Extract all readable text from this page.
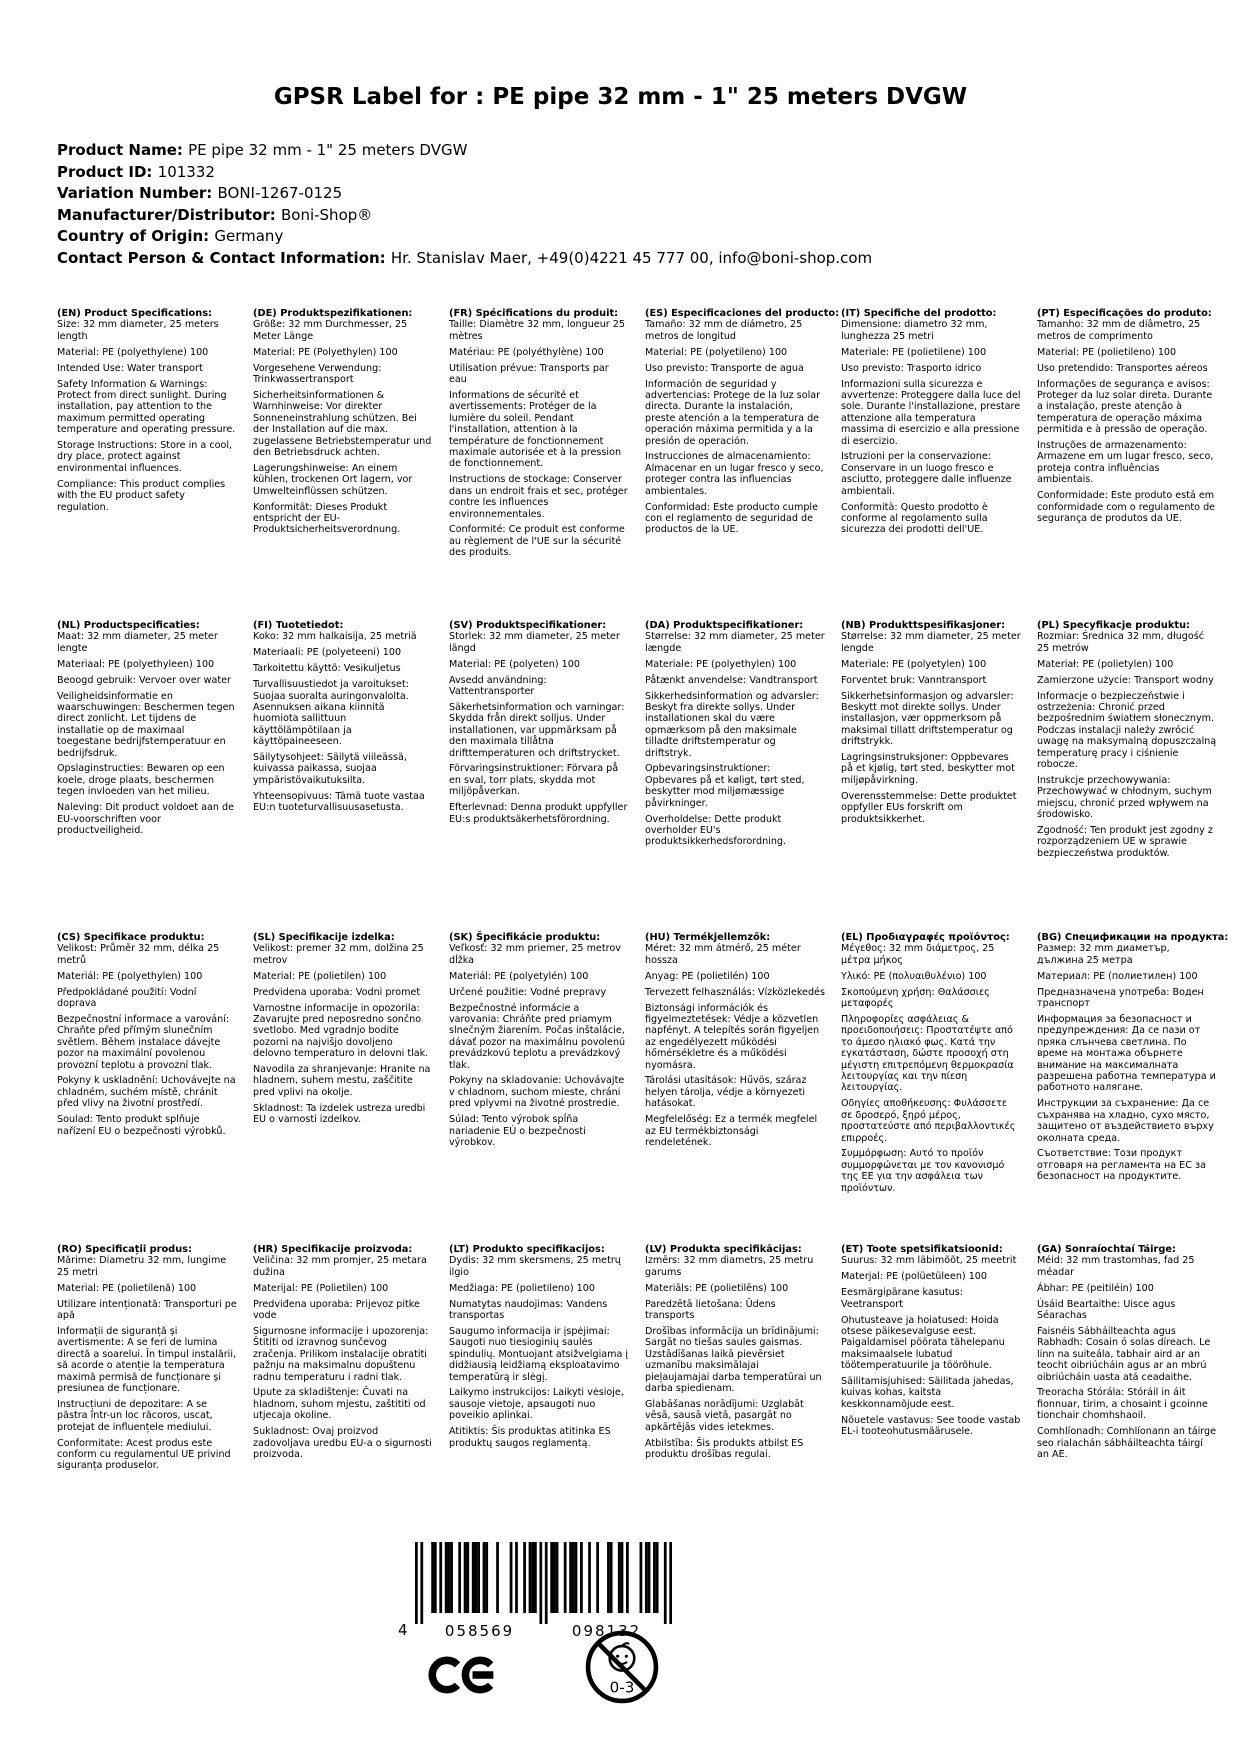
GPSR Label for : PE pipe 32 mm - 1" 25 meters DVGW
Product Name: PE pipe 32 mm - 1" 25 meters DVGW
Product ID: 101332
Variation Number: BONI-1267-0125
Manufacturer/Distributor: Boni-Shop®
Country of Origin: Germany
Contact Person & Contact Information: Hr. Stanislav Maer, +49(0)4221 45 777 00, info@boni-shop.com
(EN) Product Specifications:

Size: 32 mm diameter, 25 meters length

Material: PE (polyethylene) 100

Intended Use: Water transport

Safety Information & Warnings: Protect from direct sunlight. During installation, pay attention to the maximum permitted operating temperature and operating pressure.

Storage Instructions: Store in a cool, dry place, protect against environmental influences.

Compliance: This product complies with the EU product safety regulation.

(DE) Produktspezifikationen:

Größe: 32 mm Durchmesser, 25 Meter Länge

Material: PE (Polyethylen) 100

Vorgesehene Verwendung: Trinkwassertransport

Sicherheitsinformationen & Warnhinweise: Vor direkter Sonneneinstrahlung schützen. Bei der Installation auf die max. zugelassene Betriebstemperatur und den Betriebsdruck achten.

Lagerungshinweise: An einem kühlen, trockenen Ort lagern, vor Umwelteinflüssen schützen.

Konformität: Dieses Produkt entspricht der EU-Produktsicherheitsverordnung.

(FR) Spécifications du produit:

Taille: Diamètre 32 mm, longueur 25 mètres

Matériau: PE (polyéthylène) 100

Utilisation prévue: Transports par eau

Informations de sécurité et avertissements: Protéger de la lumière du soleil. Pendant l'installation, attention à la température de fonctionnement maximale autorisée et à la pression de fonctionnement.

Instructions de stockage: Conserver dans un endroit frais et sec, protéger contre les influences environnementales.

Conformité: Ce produit est conforme au règlement de l'UE sur la sécurité des produits.

(ES) Especificaciones del producto:

Tamaño: 32 mm de diámetro, 25 metros de longitud

Material: PE (polyetileno) 100

Uso previsto: Transporte de agua

Información de seguridad y advertencias: Protege de la luz solar directa. Durante la instalación, preste atención a la temperatura de operación máxima permitida y a la presión de operación.

Instrucciones de almacenamiento: Almacenar en un lugar fresco y seco, proteger contra las influencias ambientales.

Conformidad: Este producto cumple con el reglamento de seguridad de productos de la UE.

(IT) Specifiche del prodotto:

Dimensione: diametro 32 mm, lunghezza 25 metri

Materiale: PE (polietilene) 100

Uso previsto: Trasporto idrico

Informazioni sulla sicurezza e avvertenze: Proteggere dalla luce del sole. Durante l'installazione, prestare attenzione alla temperatura massima di esercizio e alla pressione di esercizio.

Istruzioni per la conservazione: Conservare in un luogo fresco e asciutto, proteggere dalle influenze ambientali.

Conformità: Questo prodotto è conforme al regolamento sulla sicurezza dei prodotti dell'UE.

(PT) Especificações do produto:

Tamanho: 32 mm de diâmetro, 25 metros de comprimento

Material: PE (polietileno) 100

Uso pretendido: Transportes aéreos

Informações de segurança e avisos: Proteger da luz solar direta. Durante a instalação, preste atenção à temperatura de operação máxima permitida e à pressão de operação.

Instruções de armazenamento: Armazene em um lugar fresco, seco, proteja contra influências ambientais.

Conformidade: Este produto está em conformidade com o regulamento de segurança de produtos da UE.

(NL) Productspecificaties:

Maat: 32 mm diameter, 25 meter lengte

Materiaal: PE (polyethyleen) 100

Beoogd gebruik: Vervoer over water

Veiligheidsinformatie en waarschuwingen: Beschermen tegen direct zonlicht. Let tijdens de installatie op de maximaal toegestane bedrijfstemperatuur en bedrijfsdruk.

Opslaginstructies: Bewaren op een koele, droge plaats, beschermen tegen invloeden van het milieu.

Naleving: Dit product voldoet aan de EU-voorschriften voor productveiligheid.

(FI) Tuotetiedot:

Koko: 32 mm halkaisija, 25 metriä

Materiaali: PE (polyeteeni) 100

Tarkoitettu käyttö: Vesikuljetus

Turvallisuustiedot ja varoitukset: Suojaa suoralta auringonvalolta. Asennuksen aikana kiinnitä huomiota sallittuun käyttölämpötilaan ja käyttöpaineeseen.

Säilytysohjeet: Säilytä viileässä, kuivassa paikassa, suojaa ympäristövaikutuksilta.

Yhteensopivuus: Tämä tuote vastaa EU:n tuoteturvallisuusasetusta.

(SV) Produktspecifikationer:

Storlek: 32 mm diameter, 25 meter längd

Material: PE (polyeten) 100

Avsedd användning: Vattentransporter

Säkerhetsinformation och varningar: Skydda från direkt solljus. Under installationen, var uppmärksam på den maximala tillåtna drifttemperaturen och driftstrycket.

Förvaringsinstruktioner: Förvara på en sval, torr plats, skydda mot miljöpåverkan.

Efterlevnad: Denna produkt uppfyller EU:s produktsäkerhetsförordning.

(DA) Produktspecifikationer:

Størrelse: 32 mm diameter, 25 meter længde

Materiale: PE (polyethylen) 100

Påtænkt anvendelse: Vandtransport

Sikkerhedsinformation og advarsler: Beskyt fra direkte sollys. Under installationen skal du være opmærksom på den maksimale tilladte driftstemperatur og driftstryk.

Opbevaringsinstruktioner: Opbevares på et køligt, tørt sted, beskytter mod miljømæssige påvirkninger.

Overholdelse: Dette produkt overholder EU's produktsikkerhedsforordning.

(NB) Produkttspesifikasjoner:

Størrelse: 32 mm diameter, 25 meter lengde

Materiale: PE (polyetylen) 100

Forventet bruk: Vanntransport

Sikkerhetsinformasjon og advarsler: Beskytt mot direkte sollys. Under installasjon, vær oppmerksom på maksimal tillatt driftstemperatur og driftstrykk.

Lagringsinstruksjoner: Oppbevares på et kjølig, tørt sted, beskytter mot miljøpåvirkning.

Overensstemmelse: Dette produktet oppfyller EUs forskrift om produktsikkerhet.

(PL) Specyfikacje produktu:

Rozmiar: Średnica 32 mm, długość 25 metrów

Materiał: PE (polietylen) 100

Zamierzone użycie: Transport wodny

Informacje o bezpieczeństwie i ostrzeżenia: Chronić przed bezpośrednim światłem słonecznym. Podczas instalacji należy zwrócić uwagę na maksymalną dopuszczalną temperaturę pracy i ciśnienie robocze.

Instrukcje przechowywania: Przechowywać w chłodnym, suchym miejscu, chronić przed wpływem na środowisko.

Zgodność: Ten produkt jest zgodny z rozporządzeniem UE w sprawie bezpieczeństwa produktów.

(CS) Specifikace produktu:

Velikost: Průměr 32 mm, délka 25 metrů

Materiál: PE (polyethylen) 100

Předpokládané použití: Vodní doprava

Bezpečnostní informace a varování: Chraňte před přímým slunečním světlem. Během instalace dávejte pozor na maximální povolenou provozní teplotu a provozní tlak.

Pokyny k uskladnění: Uchovávejte na chladném, suchém místě, chránit před vlivy na životní prostředí.

Soulad: Tento produkt splňuje nařízení EU o bezpečnosti výrobků.

(SL) Specifikacije izdelka:

Velikost: premer 32 mm, dolžina 25 metrov

Material: PE (polietilen) 100

Predvidena uporaba: Vodni promet

Varnostne informacije in opozorila: Zavarujte pred neposredno sončno svetlobo. Med vgradnjo bodite pozorni na najvišjo dovoljeno delovno temperaturo in delovni tlak.

Navodila za shranjevanje: Hranite na hladnem, suhem mestu, zaščitite pred vplivi na okolje.

Skladnost: Ta izdelek ustreza uredbi EU o varnosti izdelkov.

(SK) Špecifikácie produktu:

Veľkosť: 32 mm priemer, 25 metrov dĺžka

Materiál: PE (polyetylén) 100

Určené použitie: Vodné prepravy

Bezpečnostné informácie a varovania: Chráňte pred priamym slnečným žiarením. Počas inštalácie, dávať pozor na maximálnu povolenú prevádzkovú teplotu a prevádzkový tlak.

Pokyny na skladovanie: Uchovávajte v chladnom, suchom mieste, chráni pred vplyvmi na životné prostredie.

Súlad: Tento výrobok spĺňa nariadenie EÚ o bezpečnosti výrobkov.

(HU) Termékjellemzők:

Méret: 32 mm átmérő, 25 méter hossza

Anyag: PE (polietilén) 100

Tervezett felhasználás: Vízközlekedés

Biztonsági információk és figyelmeztetések: Védje a közvetlen napfényt. A telepítés során figyeljen az engedélyezett működési hőmérsékletre és a működési nyomásra.

Tárolási utasítások: Hűvös, száraz helyen tárolja, védje a környezeti hatásokat.

Megfelelőség: Ez a termék megfelel az EU termékbiztonsági rendeletének.

(EL) Προδιαγραφές προϊόντος:

Μέγεθος: 32 mm διάμετρος, 25 μέτρα μήκος

Υλικό: PE (πολυαιθυλένιο) 100

Σκοπούμενη χρήση: Θαλάσσιες μεταφορές

Πληροφορίες ασφάλειας & προειδοποιήσεις: Προστατέψτε από το άμεσο ηλιακό φως. Κατά την εγκατάσταση, δώστε προσοχή στη μέγιστη επιτρεπόμενη θερμοκρασία λειτουργίας και την πίεση λειτουργίας.

Οδηγίες αποθήκευσης: Φυλάσσετε σε δροσερό, ξηρό μέρος, προστατεύστε από περιβαλλοντικές επιρροές.

Συμμόρφωση: Αυτό το προϊόν συμμορφώνεται με τον κανονισμό της ΕΕ για την ασφάλεια των προϊόντων.

(BG) Спецификации на продукта:

Размер: 32 mm диаметър, дължина 25 метра

Материал: PE (полиетилен) 100

Предназначена употреба: Воден транспорт

Информация за безопасност и предупреждения: Да се пази от пряка слънчева светлина. По време на монтажа обърнете внимание на максималната разрешена работна температура и работното налягане.

Инструкции за съхранение: Да се съхранява на хладно, сухо място, защитено от въздействието върху околната среда.

Съответствие: Този продукт отговаря на регламента на ЕС за безопасност на продуктите.

(RO) Specificații produs:

Mărime: Diametru 32 mm, lungime 25 metri

Material: PE (polietilenă) 100

Utilizare intenționată: Transporturi pe apă

Informații de siguranță și avertismente: A se feri de lumina directă a soarelui. În timpul instalării, să acorde o atenție la temperatura maximă permisă de funcționare și presiunea de funcționare.

Instrucțiuni de depozitare: A se păstra într-un loc răcoros, uscat, protejat de influențele mediului.

Conformitate: Acest produs este conform cu regulamentul UE privind siguranța produselor.

(HR) Specifikacije proizvoda:

Veličina: 32 mm promjer, 25 metara dužina

Materijal: PE (Polietilen) 100

Predviđena uporaba: Prijevoz pitke vode

Sigurnosne informacije i upozorenja: Štititi od izravnog sunčevog zračenja. Prilikom instalacije obratiti pažnju na maksimalnu dopuštenu radnu temperaturu i radni tlak.

Upute za skladištenje: Čuvati na hladnom, suhom mjestu, zaštititi od utjecaja okoline.

Sukladnost: Ovaj proizvod zadovoljava uredbu EU-a o sigurnosti proizvoda.

(LT) Produkto specifikacijos:

Dydis: 32 mm skersmens, 25 metrų ilgio

Medžiaga: PE (polietileno) 100

Numatytas naudojimas: Vandens transportas

Saugumo informacija ir įspėjimai: Saugoti nuo tiesioginių saulės spindulių. Montuojant atsižvelgiama į didžiausią leidžiamą eksploatavimo temperatūrą ir slėgį.

Laikymo instrukcijos: Laikyti vėsioje, sausoje vietoje, apsaugoti nuo poveikio aplinkai.

Atitiktis: Šis produktas atitinka ES produktų saugos reglamentą.

(LV) Produkta specifikācijas:

Izmērs: 32 mm diametrs, 25 metru garums

Materiāls: PE (polietilēns) 100

Paredzētā lietošana: Ūdens transports

Drošības informācija un brīdinājumi: Sargāt no tiešas saules gaismas. Uzstādīšanas laikā pievērsiet uzmanību maksimālajai pieļaujamajai darba temperatūrai un darba spiedienam.

Glabāšanas norādījumi: Uzglabāt vēsā, sausā vietā, pasargāt no apkārtējās vides ietekmes.

Atbilstība: Šis produkts atbilst ES produktu drošības regulai.

(ET) Toote spetsifikatsioonid:

Suurus: 32 mm läbimõõt, 25 meetrit

Materjal: PE (polüetüleen) 100

Eesmärgipärane kasutus: Veetransport

Ohutusteave ja hoiatused: Hoida otsese päikesevalguse eest. Paigaldamisel pöörata tähelepanu maksimaalsele lubatud töötemperatuurile ja töörõhule.

Säilitamisjuhised: Säilitada jahedas, kuivas kohas, kaitsta keskkonnamõjude eest.

Nõuetele vastavus: See toode vastab EL-i tooteohutusmäärusele.

(GA) Sonraíochtaí Táirge:

Méid: 32 mm trastomhas, fad 25 méadar

Ábhar: PE (peitiléin) 100

Úsáid Beartaithe: Uisce agus Séarachas

Faisnéis Sábháilteachta agus Rabhadh: Cosain ó solas díreach. Le linn na suiteála, tabhair aird ar an teocht oibriúcháin agus ar an mbrú oibriúcháin uasta atá ceadaithe.

Treoracha Stórála: Stóráil in áit fionnuar, tirim, a chosaint i gcoinne tionchair chomhshaoil.

Comhlíonadh: Comhlíonann an táirge seo rialachán sábháilteachta táirgí an AE.

4	058569	098132
0-3
